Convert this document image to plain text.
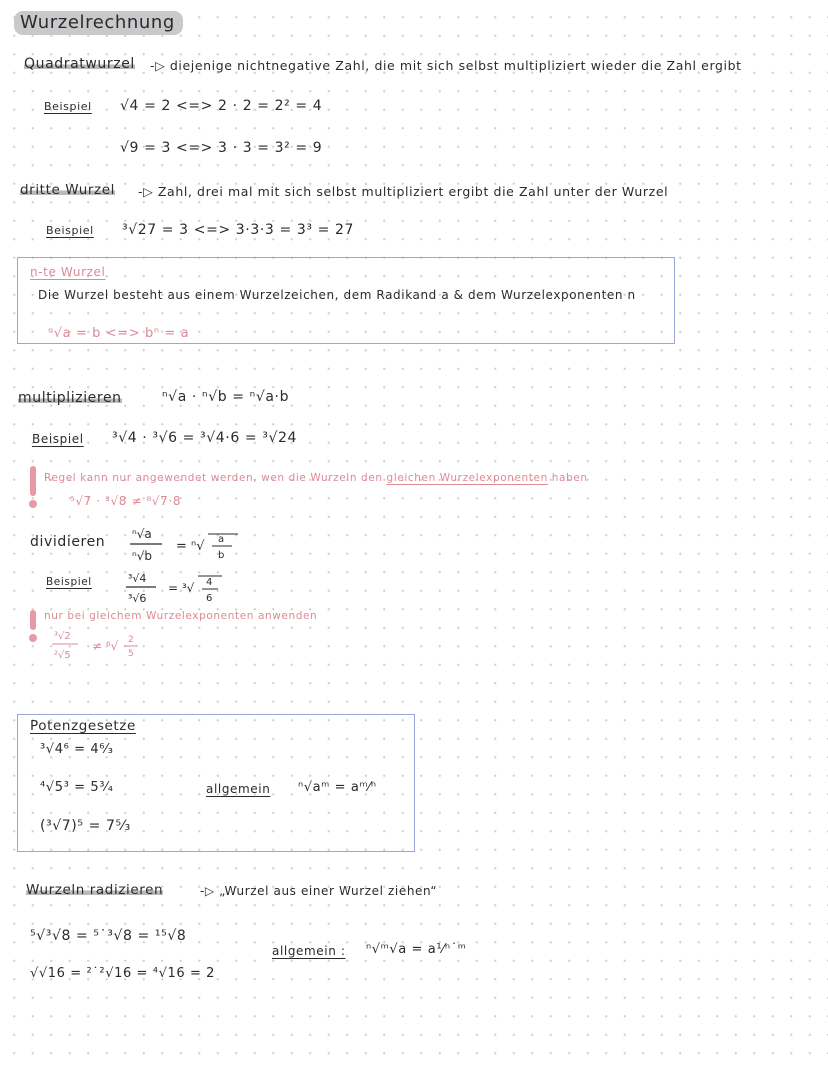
Wurzelrechnung
Quadratwurzel -▷ diejenige nichtnegative Zahl, die mit sich selbst multipliziert wieder die Zahl ergibt
Beispiel √4 = 2 <=> 2 · 2 = 2² = 4
√9 = 3 <=> 3 · 3 = 3² = 9
dritte Wurzel -▷ Zahl, drei mal mit sich selbst multipliziert ergibt die Zahl unter der Wurzel
Beispiel ³√27 = 3 <=> 3·3·3 = 3³ = 27
n-te Wurzel
Die Wurzel besteht aus einem Wurzelzeichen, dem Radikand a & dem Wurzelexponenten n
ⁿ√a = b <=> bⁿ = a
multiplizieren	ⁿ√a · ⁿ√b = ⁿ√a·b
Beispiel ³√4 · ³√6 = ³√4·6 = ³√24
Regel kann nur angewendet werden, wen die Wurzeln den gleichen Wurzelexponenten haben
⁵√7 · ³√8 ≠ ⁸√7·8
dividieren ⁿ√a
ⁿ√b
= ⁿ√ a
b
Beispiel	³√4
³√6
= ³√ 4
6
nur bei gleichem Wurzelexponenten anwenden
³√2
²√5
≠ ⁶√ 2
5
Potenzgesetze
³√4⁶ = 4⁶⁄₃
⁴√5³ = 5³⁄₄
(³√7)⁵ = 7⁵⁄₃
allgemein ⁿ√aᵐ = aᵐ⁄ⁿ
Wurzeln radizieren	-▷ „Wurzel aus einer Wurzel ziehen“
⁵√³√8 = ⁵˙³√8 = ¹⁵√8
√√16 = ²˙²√16 = ⁴√16 = 2
allgemein : ⁿ√ᵐ√a = a¹⁄ⁿ˙ᵐ
